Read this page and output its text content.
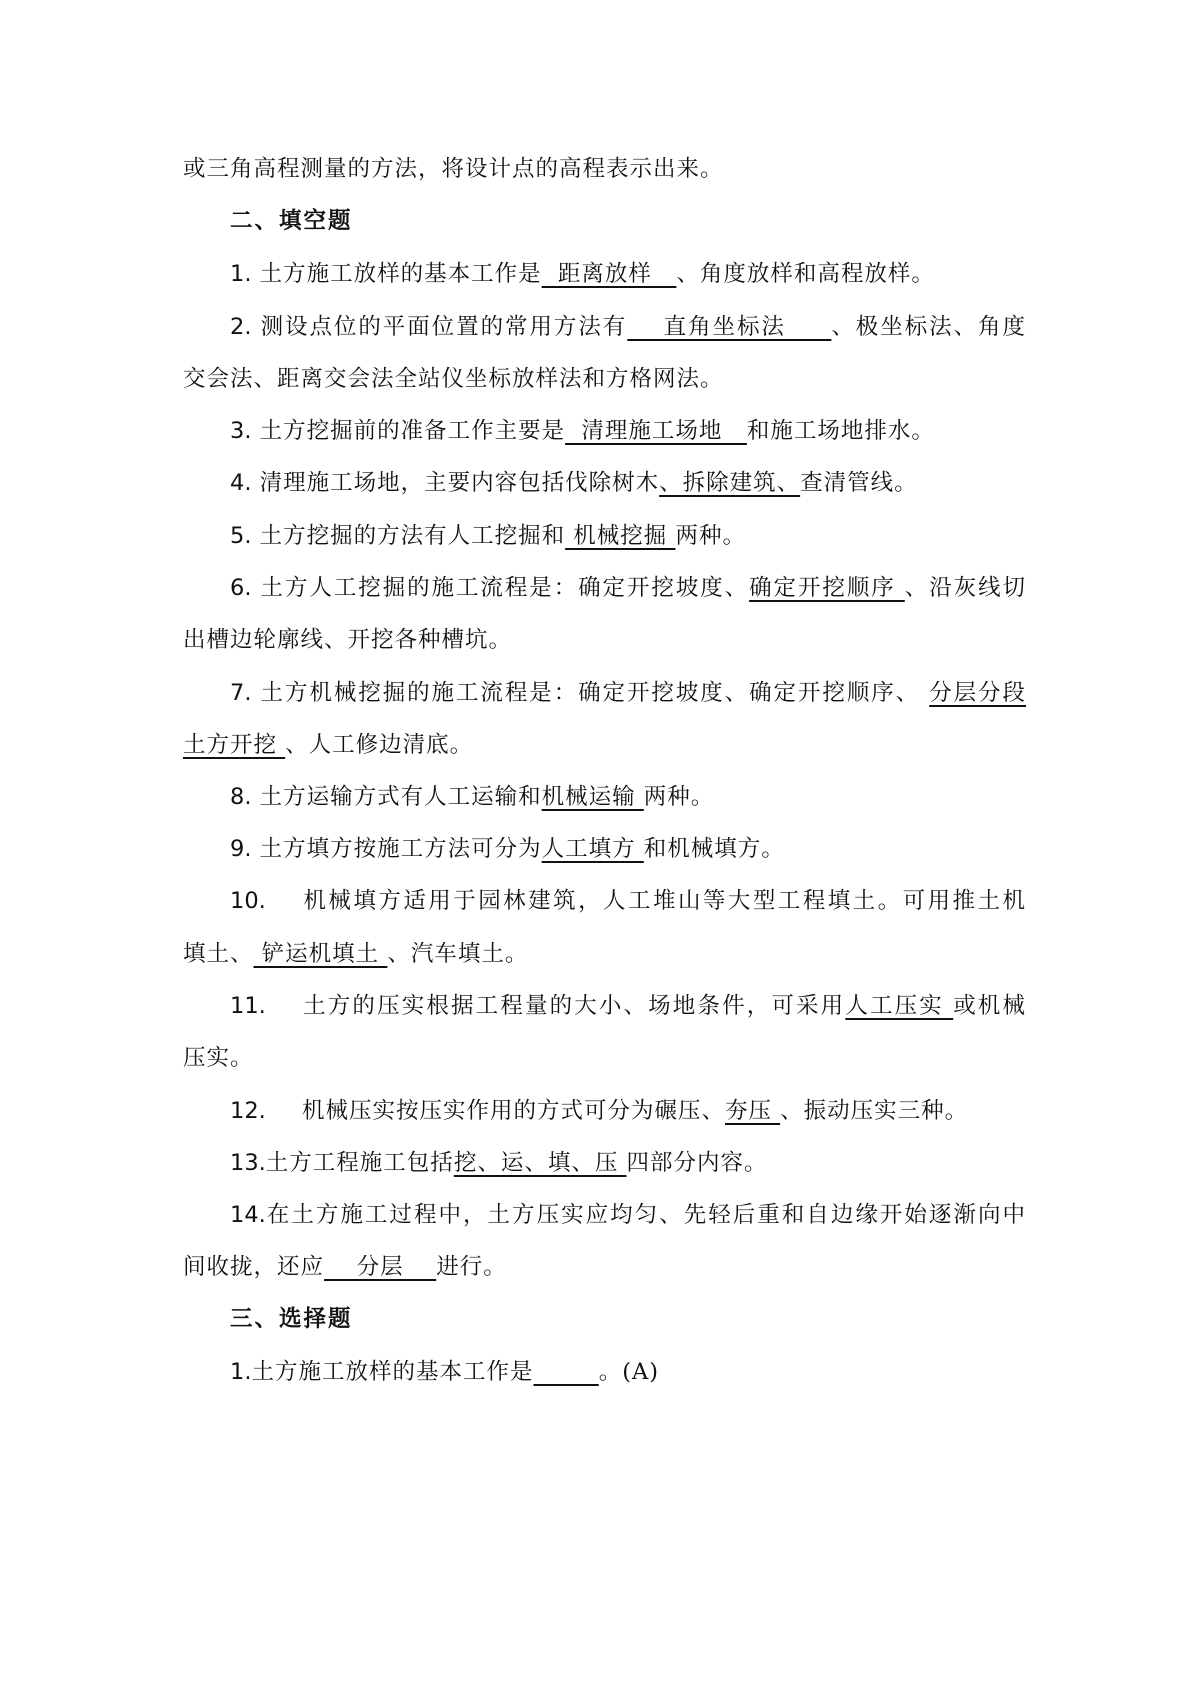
或三角高程测量的方法，将设计点的高程表示出来。
二、填空题
1. 土方施工放样的基本工作是  距离放样   、角度放样和高程放样。
2. 测设点位的平面位置的常用方法有    直角坐标法     、极坐标法、角度
交会法、距离交会法全站仪坐标放样法和方格网法。
3. 土方挖掘前的准备工作主要是  清理施工场地   和施工场地排水。
4. 清理施工场地，主要内容包括伐除树木、拆除建筑、查清管线。
5. 土方挖掘的方法有人工挖掘和 机械挖掘 两种。
6. 土方人工挖掘的施工流程是：确定开挖坡度、确定开挖顺序 、沿灰线切
出槽边轮廓线、开挖各种槽坑。
7. 土方机械挖掘的施工流程是：确定开挖坡度、确定开挖顺序、 分层分段
土方开挖 、人工修边清底。
8. 土方运输方式有人工运输和机械运输 两种。
9. 土方填方按施工方法可分为人工填方 和机械填方。
10. 机械填方适用于园林建筑，人工堆山等大型工程填土。可用推土机
填土、 铲运机填土 、汽车填土。
11. 土方的压实根据工程量的大小、场地条件，可采用人工压实 或机械
压实。
12. 机械压实按压实作用的方式可分为碾压、夯压 、振动压实三种。
13.土方工程施工包括挖、运、填、压 四部分内容。
14.在土方施工过程中，土方压实应均匀、先轻后重和自边缘开始逐渐向中
间收拢，还应    分层    进行。
三、选择题
1.土方施工放样的基本工作是	。(A)
